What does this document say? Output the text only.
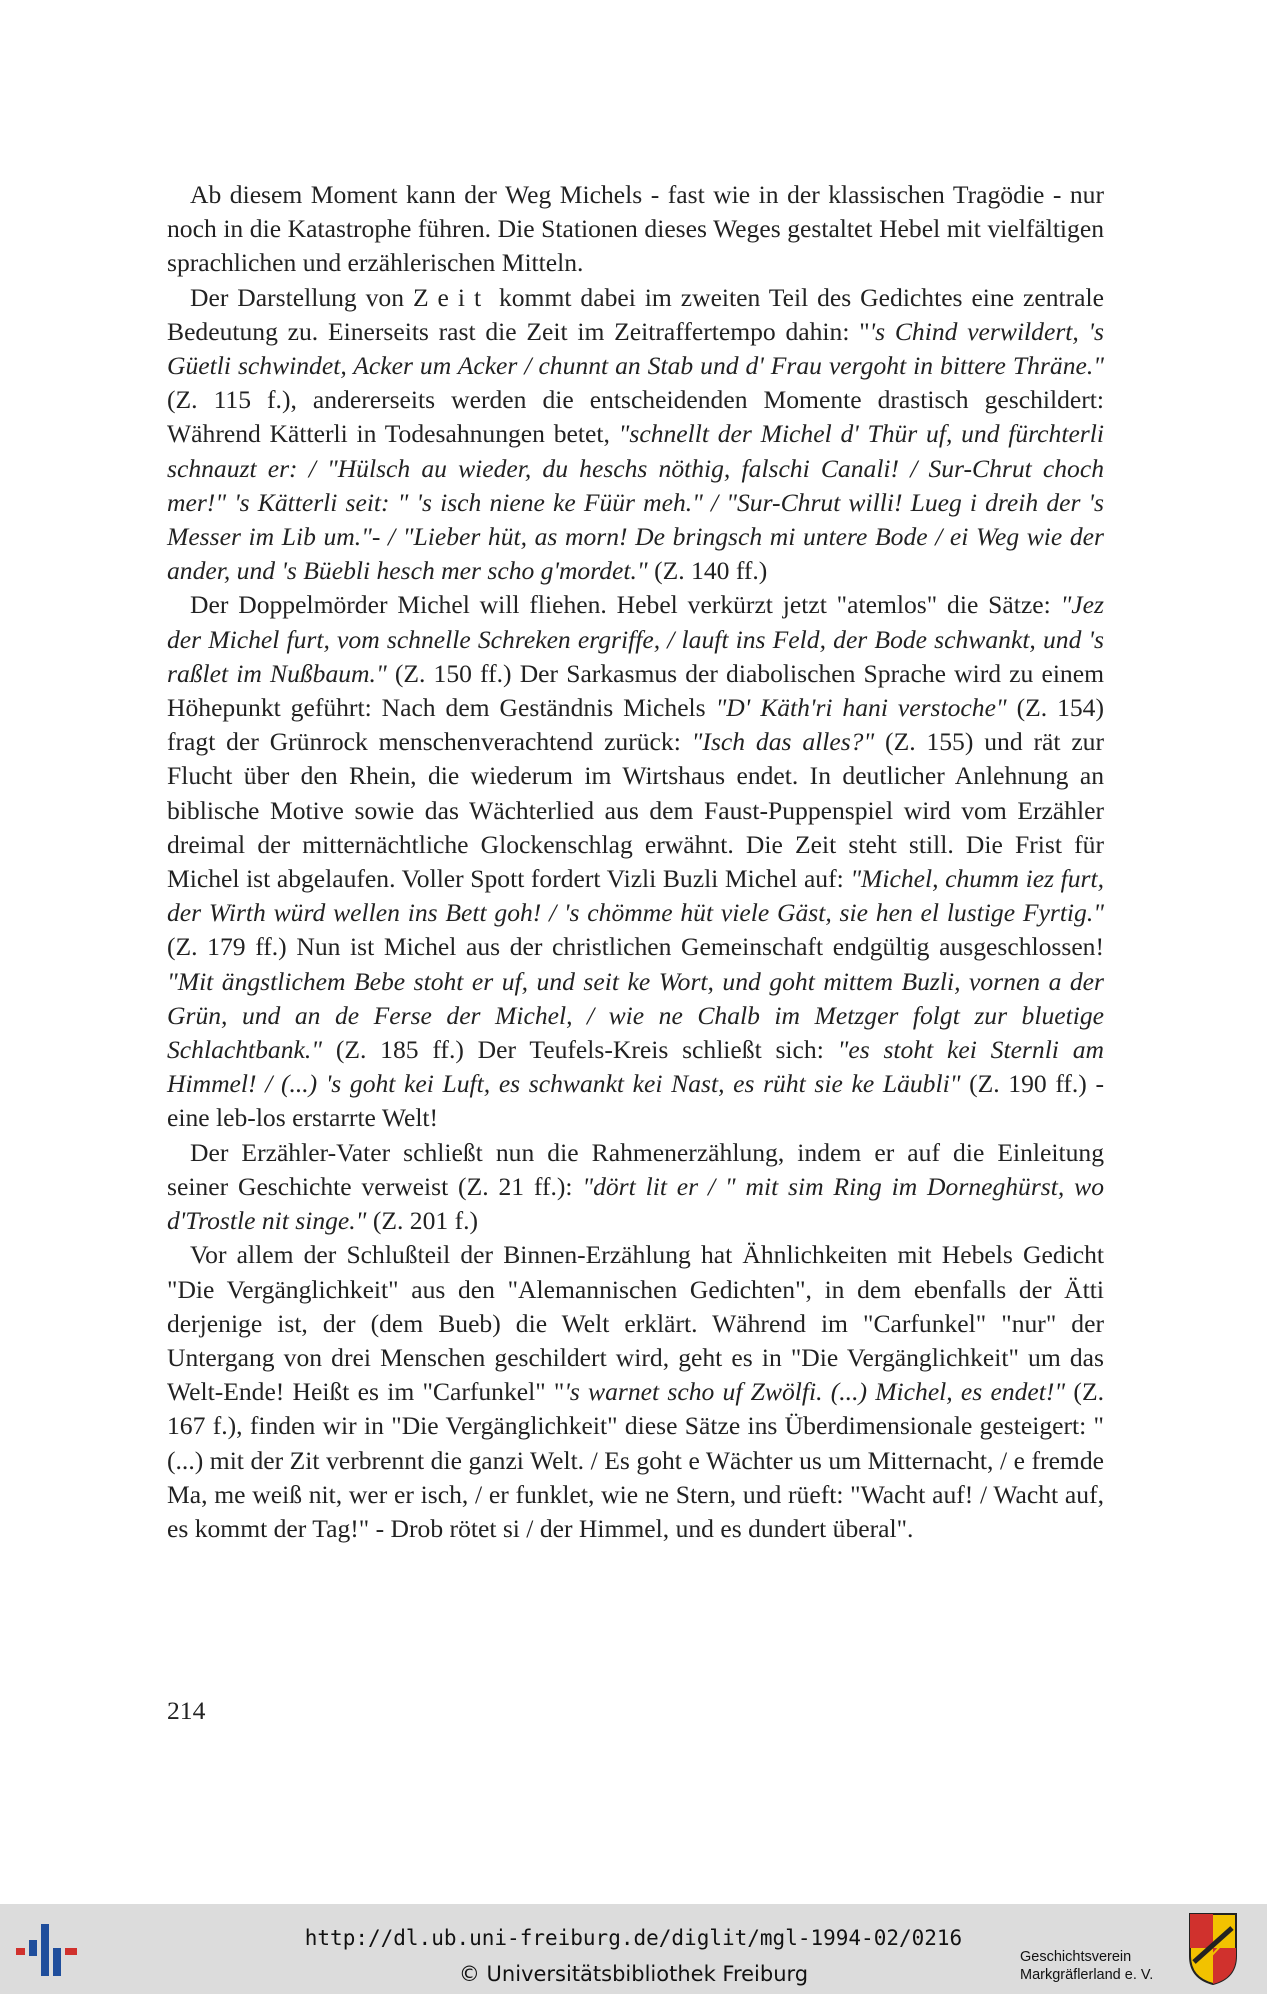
Ab diesem Moment kann der Weg Michels - fast wie in der klassischen Tragödie - nur noch in die Katastrophe führen. Die Stationen dieses Weges gestaltet Hebel mit vielfältigen sprachlichen und erzählerischen Mitteln.

Der Darstellung von Zeit kommt dabei im zweiten Teil des Gedichtes eine zentrale Bedeutung zu. Einerseits rast die Zeit im Zeitraffertempo dahin: "'s Chind verwildert, 's Güetli schwindet, Acker um Acker / chunnt an Stab und d' Frau vergoht in bittere Thräne." (Z. 115 f.), andererseits werden die entscheidenden Momente drastisch geschildert: Während Kätterli in Todesahnungen betet, "schnellt der Michel d' Thür uf, und fürchterli schnauzt er: / "Hülsch au wieder, du heschs nöthig, falschi Canali! / Sur-Chrut choch mer!" 's Kätterli seit: " 's isch niene ke Füür meh." / "Sur-Chrut willi! Lueg i dreih der 's Messer im Lib um."- / "Lieber hüt, as morn! De bringsch mi untere Bode / ei Weg wie der ander, und 's Büebli hesch mer scho g'mordet." (Z. 140 ff.)

Der Doppelmörder Michel will fliehen. Hebel verkürzt jetzt "atemlos" die Sätze: "Jez der Michel furt, vom schnelle Schreken ergriffe, / lauft ins Feld, der Bode schwankt, und 's raßlet im Nußbaum." (Z. 150 ff.) Der Sarkasmus der diabolischen Sprache wird zu einem Höhepunkt geführt: Nach dem Geständnis Michels "D' Käth'ri hani verstoche" (Z. 154) fragt der Grünrock menschenverachtend zurück: "Isch das alles?" (Z. 155) und rät zur Flucht über den Rhein, die wiederum im Wirtshaus endet. In deutlicher Anlehnung an biblische Motive sowie das Wächterlied aus dem Faust-Puppenspiel wird vom Erzähler dreimal der mitternächtliche Glockenschlag erwähnt. Die Zeit steht still. Die Frist für Michel ist abgelaufen. Voller Spott fordert Vizli Buzli Michel auf: "Michel, chumm iez furt, der Wirth würd wellen ins Bett goh! / 's chömme hüt viele Gäst, sie hen el lustige Fyrtig." (Z. 179 ff.) Nun ist Michel aus der christlichen Gemeinschaft endgültig ausgeschlossen! "Mit ängstlichem Bebe stoht er uf, und seit ke Wort, und goht mittem Buzli, vornen a der Grün, und an de Ferse der Michel, / wie ne Chalb im Metzger folgt zur bluetige Schlachtbank." (Z. 185 ff.) Der Teufels-Kreis schließt sich: "es stoht kei Sternli am Himmel! / (...) 's goht kei Luft, es schwankt kei Nast, es rüht sie ke Läubli" (Z. 190 ff.) - eine leb-los erstarrte Welt!

Der Erzähler-Vater schließt nun die Rahmenerzählung, indem er auf die Einleitung seiner Geschichte verweist (Z. 21 ff.): "dört lit er / " mit sim Ring im Dorneghürst, wo d'Trostle nit singe." (Z. 201 f.)

Vor allem der Schlußteil der Binnen-Erzählung hat Ähnlichkeiten mit Hebels Gedicht "Die Vergänglichkeit" aus den "Alemannischen Gedichten", in dem ebenfalls der Ätti derjenige ist, der (dem Bueb) die Welt erklärt. Während im "Carfunkel" "nur" der Untergang von drei Menschen geschildert wird, geht es in "Die Vergänglichkeit" um das Welt-Ende! Heißt es im "Carfunkel" "'s warnet scho uf Zwölfi. (...) Michel, es endet!" (Z. 167 f.), finden wir in "Die Vergänglichkeit" diese Sätze ins Überdimensionale gesteigert: "(...) mit der Zit verbrennt die ganzi Welt. / Es goht e Wächter us um Mitternacht, / e fremde Ma, me weiß nit, wer er isch, / er funklet, wie ne Stern, und rüeft: "Wacht auf! / Wacht auf, es kommt der Tag!" - Drob rötet si / der Himmel, und es dundert überal".

214
http://dl.ub.uni-freiburg.de/diglit/mgl-1994-02/0216
© Universitätsbibliothek Freiburg
Geschichtsverein
Markgräflerland e. V.
